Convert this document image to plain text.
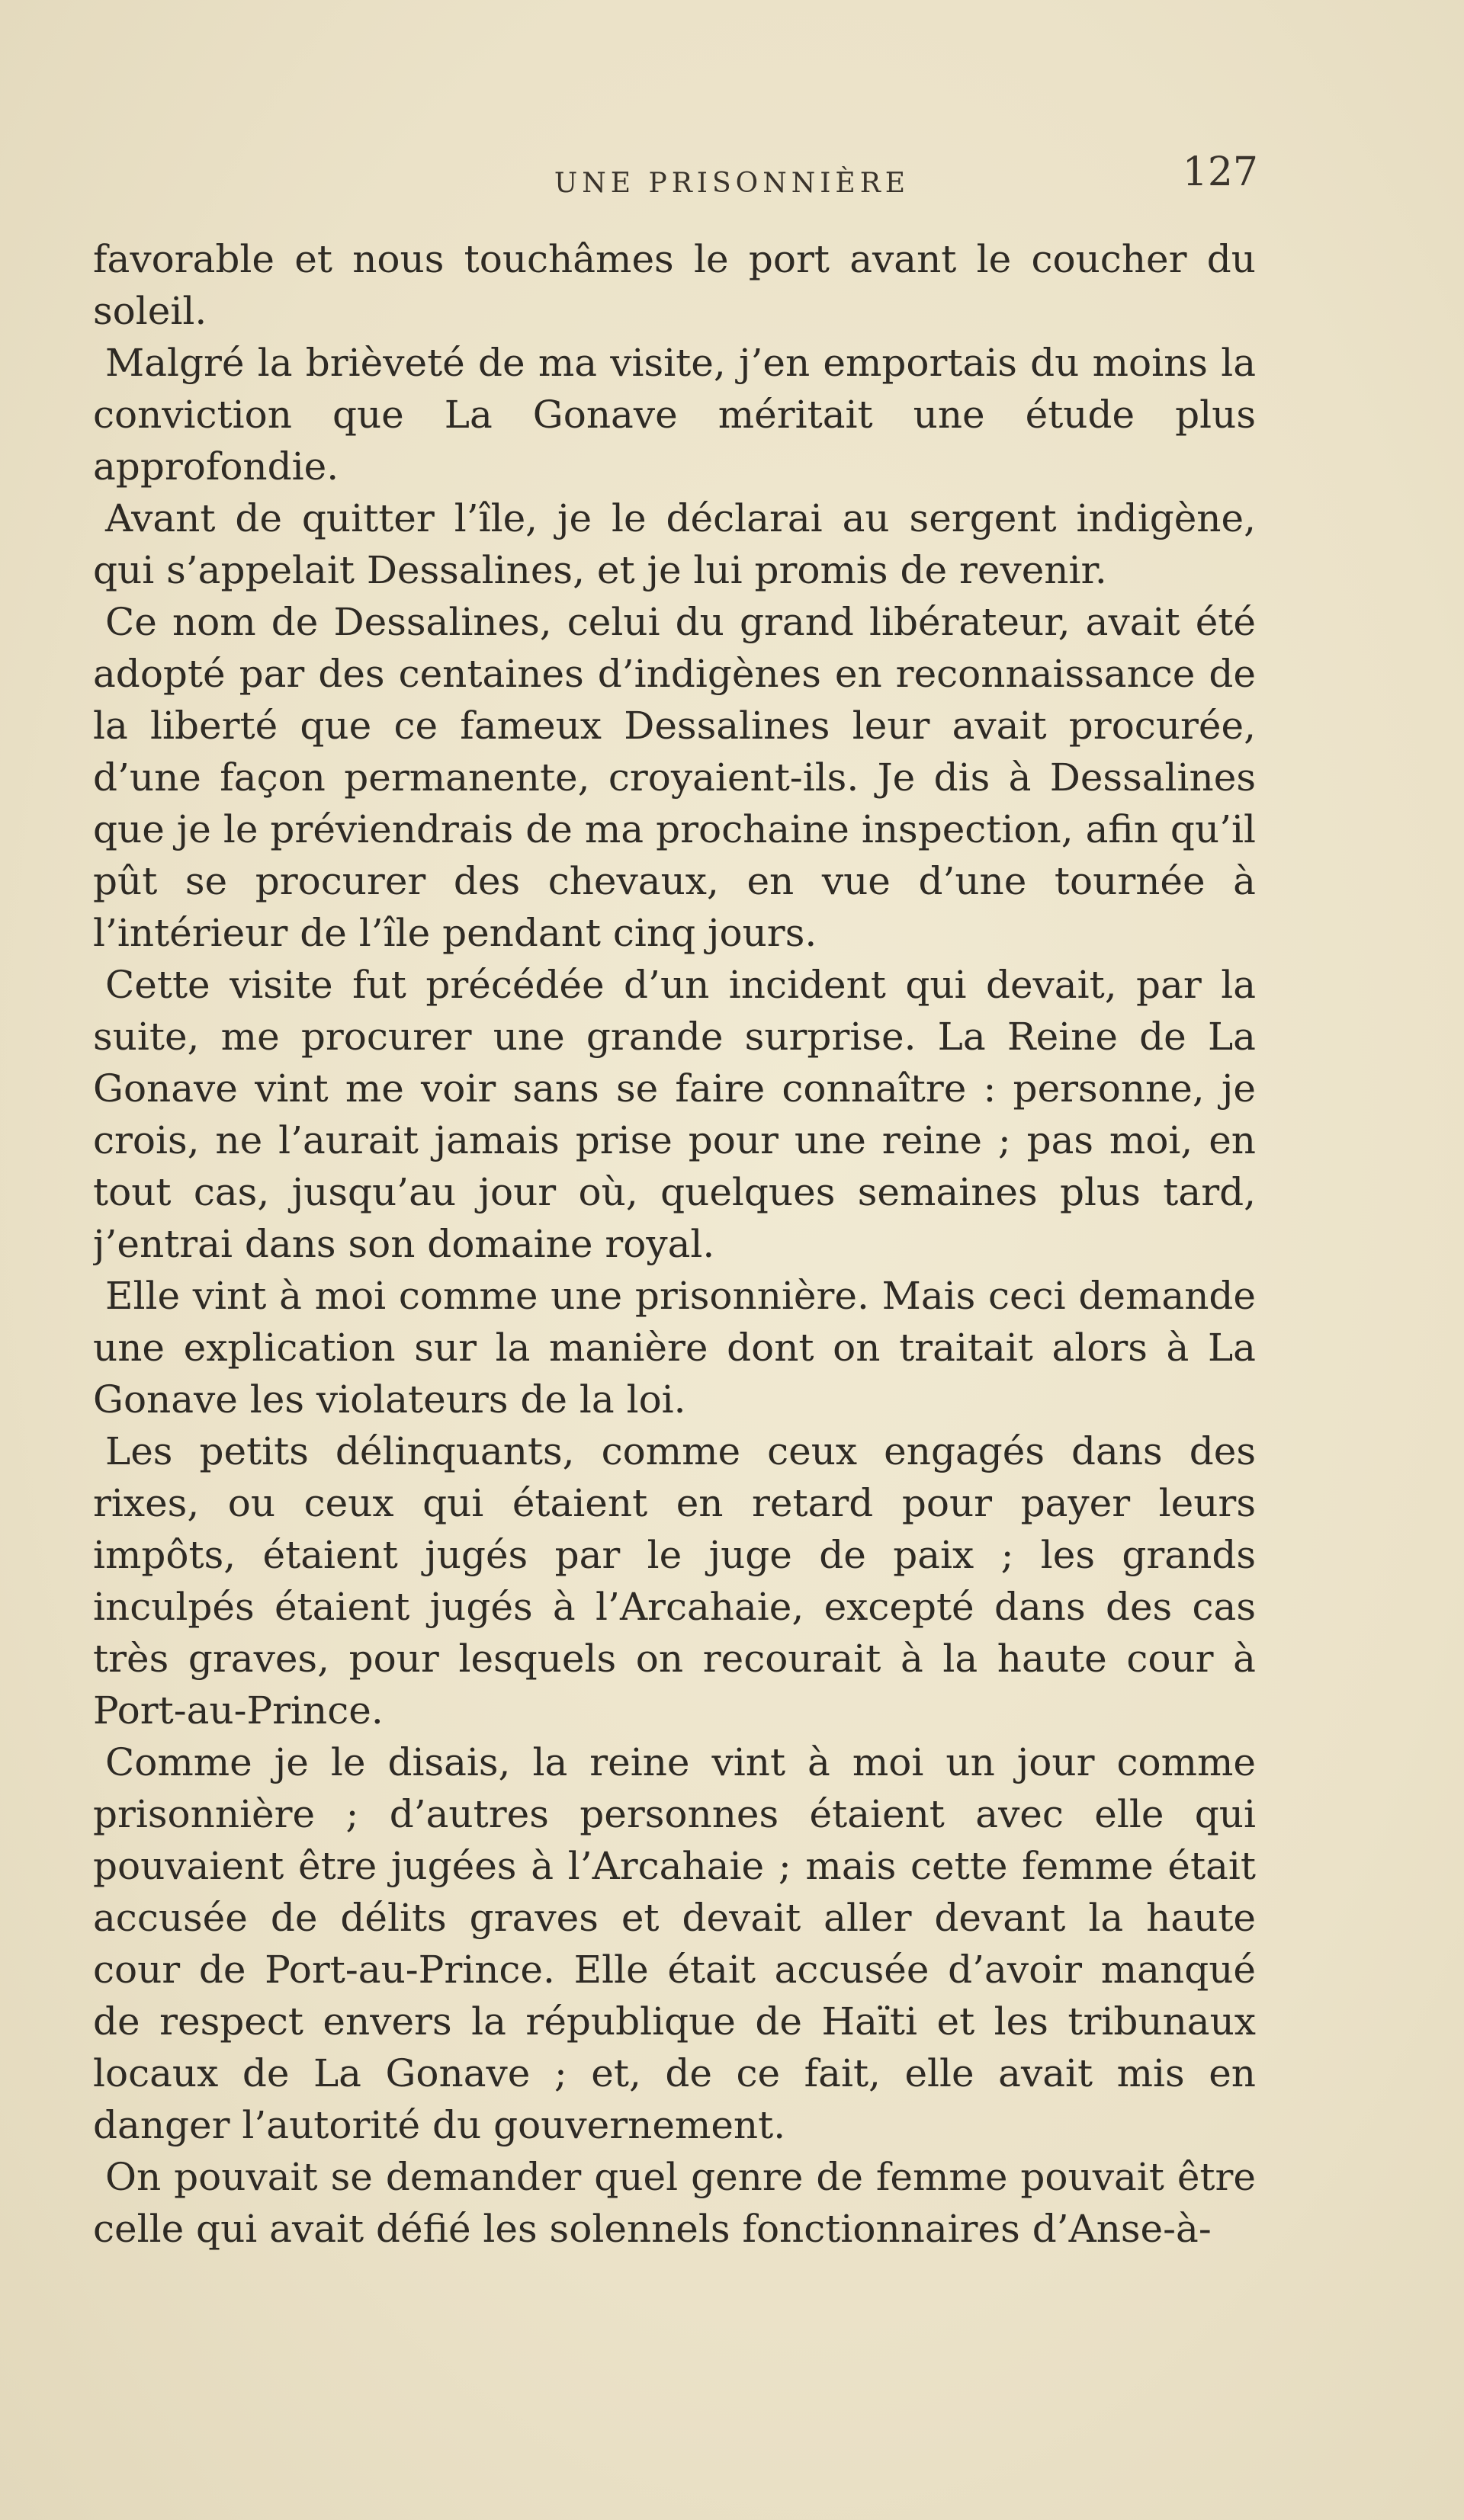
UNE PRISONNIÈRE	127

favorable et nous touchâmes le port avant le coucher du soleil.

Malgré la brièveté de ma visite, j’en emportais du moins la conviction que La Gonave méritait une étude plus approfondie.

Avant de quitter l’île, je le déclarai au sergent indigène, qui s’appelait Dessalines, et je lui promis de revenir.

Ce nom de Dessalines, celui du grand libérateur, avait été adopté par des centaines d’indigènes en reconnaissance de la liberté que ce fameux Dessalines leur avait procurée, d’une façon permanente, croyaient-ils. Je dis à Dessalines que je le préviendrais de ma prochaine inspection, afin qu’il pût se procurer des chevaux, en vue d’une tournée à l’intérieur de l’île pendant cinq jours.

Cette visite fut précédée d’un incident qui devait, par la suite, me procurer une grande surprise. La Reine de La Gonave vint me voir sans se faire connaître : personne, je crois, ne l’aurait jamais prise pour une reine ; pas moi, en tout cas, jusqu’au jour où, quelques semaines plus tard, j’entrai dans son domaine royal.

Elle vint à moi comme une prisonnière. Mais ceci demande une explication sur la manière dont on traitait alors à La Gonave les violateurs de la loi.

Les petits délinquants, comme ceux engagés dans des rixes, ou ceux qui étaient en retard pour payer leurs impôts, étaient jugés par le juge de paix ; les grands inculpés étaient jugés à l’Arcahaie, excepté dans des cas très graves, pour lesquels on recourait à la haute cour à Port-au-Prince.

Comme je le disais, la reine vint à moi un jour comme prisonnière ; d’autres personnes étaient avec elle qui pouvaient être jugées à l’Arcahaie ; mais cette femme était accusée de délits graves et devait aller devant la haute cour de Port-au-Prince. Elle était accusée d’avoir manqué de respect envers la république de Haïti et les tribunaux locaux de La Gonave ; et, de ce fait, elle avait mis en danger l’autorité du gouvernement.

On pouvait se demander quel genre de femme pouvait être celle qui avait défié les solennels fonctionnaires d’Anse-à-
